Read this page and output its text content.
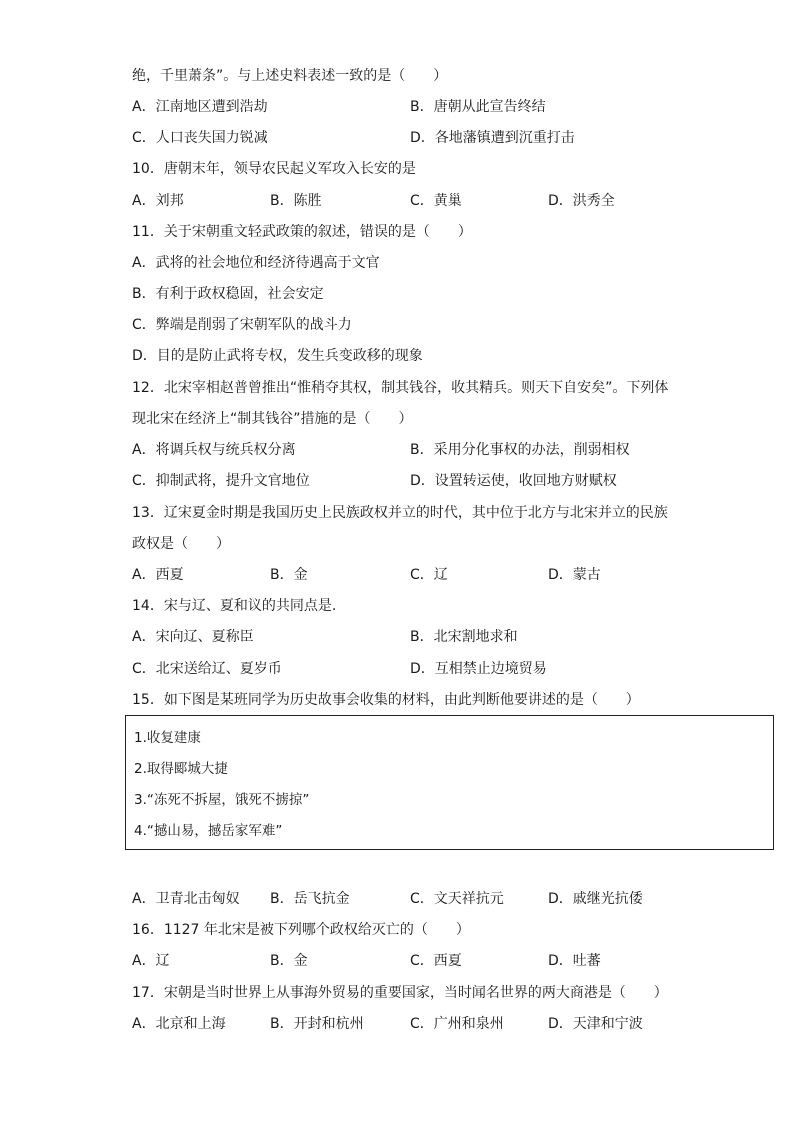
绝，千里萧条”。与上述史料表述一致的是（　　）
A．江南地区遭到浩劫	B．唐朝从此宣告终结
C．人口丧失国力锐减	D．各地藩镇遭到沉重打击
10．唐朝末年，领导农民起义军攻入长安的是
A．刘邦	B．陈胜	C．黄巢	D．洪秀全
11．关于宋朝重文轻武政策的叙述，错误的是（　　）
A．武将的社会地位和经济待遇高于文官
B．有利于政权稳固，社会安定
C．弊端是削弱了宋朝军队的战斗力
D．目的是防止武将专权，发生兵变政移的现象
12．北宋宰相赵普曾推出“惟稍夺其权，制其钱谷，收其精兵。则天下自安矣”。下列体
现北宋在经济上“制其钱谷”措施的是（　　）
A．将调兵权与统兵权分离	B．采用分化事权的办法，削弱相权
C．抑制武将，提升文官地位	D．设置转运使，收回地方财赋权
13．辽宋夏金时期是我国历史上民族政权并立的时代，其中位于北方与北宋并立的民族
政权是（　　）
A．西夏	B．金	C．辽	D．蒙古
14．宋与辽、夏和议的共同点是.
A．宋向辽、夏称臣	B．北宋割地求和
C．北宋送给辽、夏岁币	D．互相禁止边境贸易
15．如下图是某班同学为历史故事会收集的材料，由此判断他要讲述的是（　　）
1.收复建康
2.取得郾城大捷
3.“冻死不拆屋，饿死不掳掠”
4.“撼山易，撼岳家军难”
A．卫青北击匈奴 B．岳飞抗金	C．文天祥抗元	D．戚继光抗倭
16．1127 年北宋是被下列哪个政权给灭亡的（　　）
A．辽	B．金	C．西夏	D．吐蕃
17．宋朝是当时世界上从事海外贸易的重要国家，当时闻名世界的两大商港是（　　）
A．北京和上海	B．开封和杭州	C．广州和泉州	D．天津和宁波
